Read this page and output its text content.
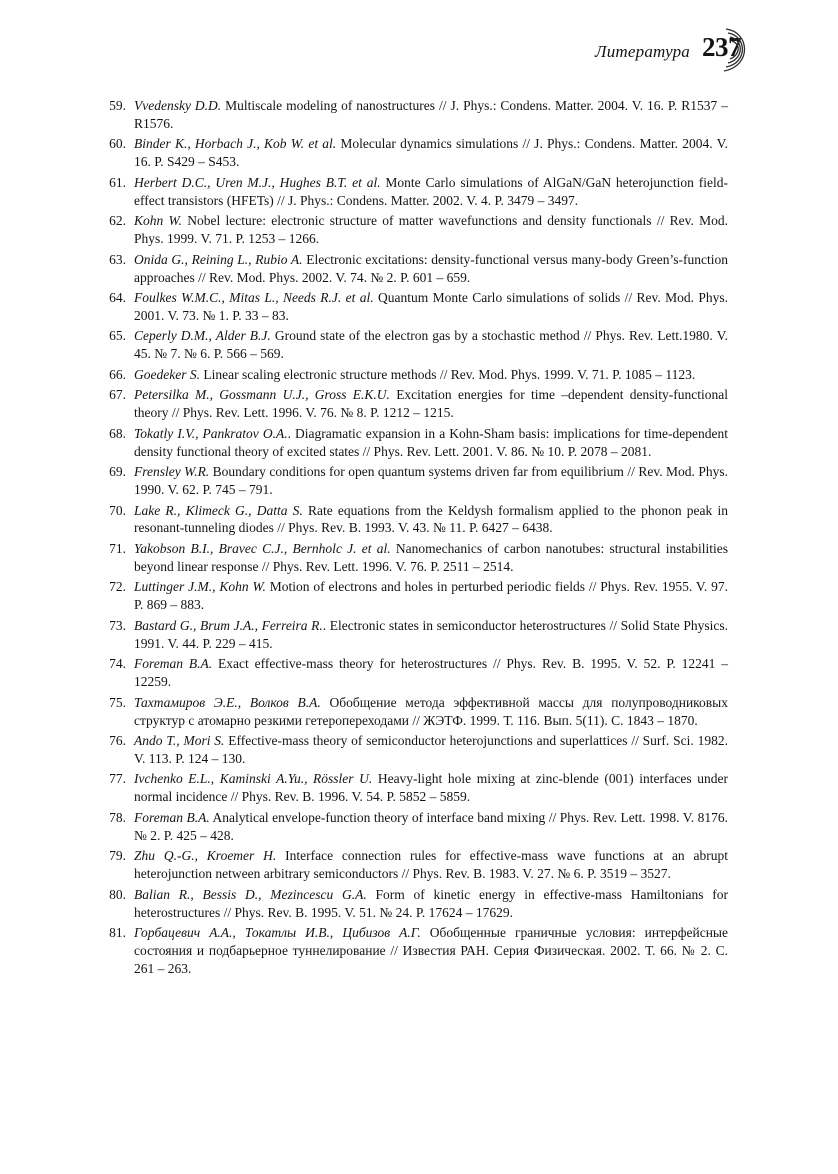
Литература 237
59. Vvedensky D.D. Multiscale modeling of nanostructures // J. Phys.: Condens. Matter. 2004. V. 16. P. R1537 – R1576.
60. Binder K., Horbach J., Kob W. et al. Molecular dynamics simulations // J. Phys.: Condens. Matter. 2004. V. 16. P. S429 – S453.
61. Herbert D.C., Uren M.J., Hughes B.T. et al. Monte Carlo simulations of AlGaN/GaN heterojunction field-effect transistors (HFETs) // J. Phys.: Condens. Matter. 2002. V. 4. P. 3479 – 3497.
62. Kohn W. Nobel lecture: electronic structure of matter wavefunctions and density functionals // Rev. Mod. Phys. 1999. V. 71. P. 1253 – 1266.
63. Onida G., Reining L., Rubio A. Electronic excitations: density-functional versus many-body Green’s-function approaches // Rev. Mod. Phys. 2002. V. 74. № 2. P. 601 – 659.
64. Foulkes W.M.C., Mitas L., Needs R.J. et al. Quantum Monte Carlo simulations of solids // Rev. Mod. Phys. 2001. V. 73. № 1. P. 33 – 83.
65. Ceperly D.M., Alder B.J. Ground state of the electron gas by a stochastic method // Phys. Rev. Lett.1980. V. 45. № 7. № 6. P. 566 – 569.
66. Goedeker S. Linear scaling electronic structure methods // Rev. Mod. Phys. 1999. V. 71. P. 1085 – 1123.
67. Petersilka M., Gossmann U.J., Gross E.K.U. Excitation energies for time –dependent density-functional theory // Phys. Rev. Lett. 1996. V. 76. № 8. P. 1212 – 1215.
68. Tokatly I.V., Pankratov O.A.. Diagramatic expansion in a Kohn-Sham basis: implications for time-dependent density functional theory of excited states // Phys. Rev. Lett. 2001. V. 86. № 10. P. 2078 – 2081.
69. Frensley W.R. Boundary conditions for open quantum systems driven far from equilibrium // Rev. Mod. Phys. 1990. V. 62. P. 745 – 791.
70. Lake R., Klimeck G., Datta S. Rate equations from the Keldysh formalism applied to the phonon peak in resonant-tunneling diodes // Phys. Rev. B. 1993. V. 43. № 11. P. 6427 – 6438.
71. Yakobson B.I., Bravec C.J., Bernholc J. et al. Nanomechanics of carbon nanotubes: structural instabilities beyond linear response // Phys. Rev. Lett. 1996. V. 76. P. 2511 – 2514.
72. Luttinger J.M., Kohn W. Motion of electrons and holes in perturbed periodic fields // Phys. Rev. 1955. V. 97. P. 869 – 883.
73. Bastard G., Brum J.A., Ferreira R.. Electronic states in semiconductor heterostructures // Solid State Physics. 1991. V. 44. P. 229 – 415.
74. Foreman B.A. Exact effective-mass theory for heterostructures // Phys. Rev. B. 1995. V. 52. P. 12241 – 12259.
75. Тахтамиров Э.Е., Волков В.А. Обобщение метода эффективной массы для полупроводниковых структур с атомарно резкими гетеропереходами // ЖЭТФ. 1999. Т. 116. Вып. 5(11). С. 1843 – 1870.
76. Ando T., Mori S. Effective-mass theory of semiconductor heterojunctions and superlattices // Surf. Sci. 1982. V. 113. P. 124 – 130.
77. Ivchenko E.L., Kaminski A.Yu., Rössler U. Heavy-light hole mixing at zinc-blende (001) interfaces under normal incidence // Phys. Rev. B. 1996. V. 54. P. 5852 – 5859.
78. Foreman B.A. Analytical envelope-function theory of interface band mixing // Phys. Rev. Lett. 1998. V. 8176. № 2. P. 425 – 428.
79. Zhu Q.-G., Kroemer H. Interface connection rules for effective-mass wave functions at an abrupt heterojunction netween arbitrary semiconductors // Phys. Rev. B. 1983. V. 27. № 6. P. 3519 – 3527.
80. Balian R., Bessis D., Mezincescu G.A. Form of kinetic energy in effective-mass Hamiltonians for heterostructures // Phys. Rev. B. 1995. V. 51. № 24. P. 17624 – 17629.
81. Горбацевич А.А., Токатлы И.В., Цибизов А.Г. Обобщенные граничные условия: интерфейсные состояния и подбарьерное туннелирование // Известия РАН. Серия Физическая. 2002. Т. 66. № 2. С. 261 – 263.
